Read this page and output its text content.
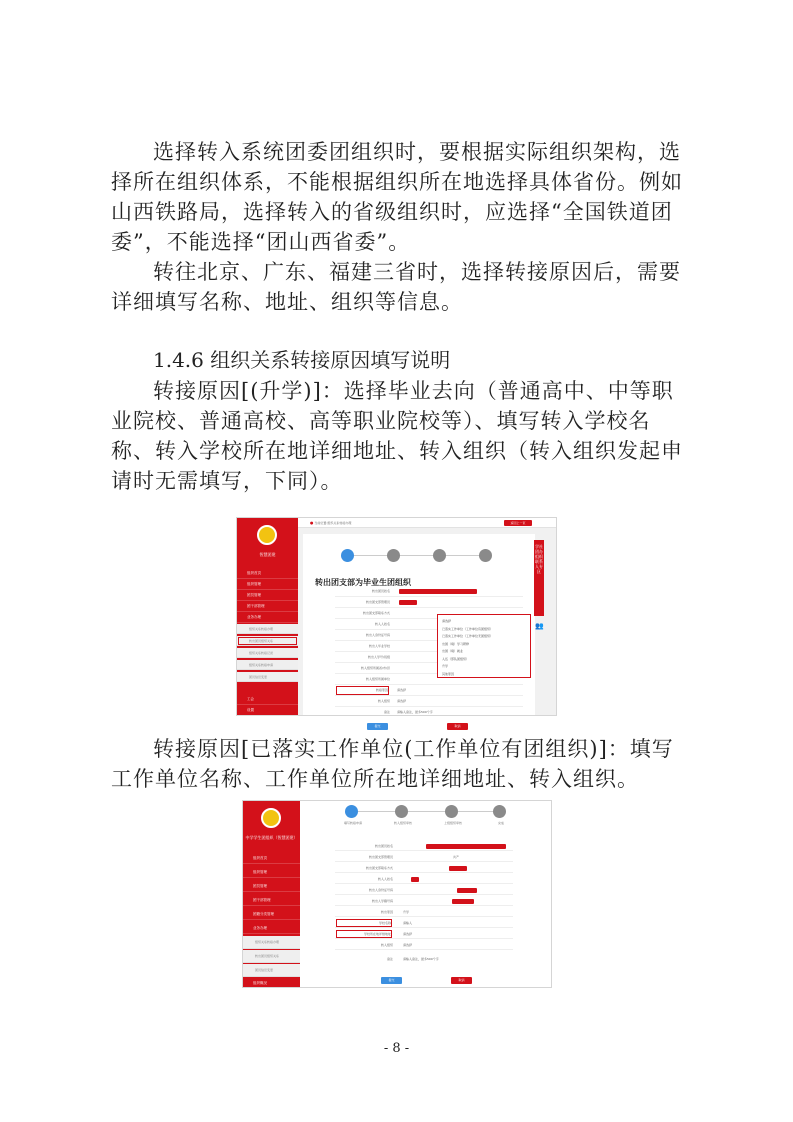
选择转入系统团委团组织时，要根据实际组织架构，选择所在组织体系，不能根据组织所在地选择具体省份。例如山西铁路局，选择转入的省级组织时，应选择“全国铁道团委”，不能选择“团山西省委”。

转往北京、广东、福建三省时，选择转接原因后，需要详细填写名称、地址、组织等信息。

1.4.6 组织关系转接原因填写说明

转接原因[(升学)]：选择毕业去向（普通高中、中等职业院校、普通高校、高等职业院校等）、填写转入学校名称、转入学校所在地详细地址、转入组织（转入组织发起申请时无需填写，下同）。

智慧团建
组织首页
组织管理
团员管理
团干部管理
业务办理
组织关系转接办理
转出团员组织关系
组织关系转接记录
组织关系转接申请
团员信息变更
工会
设置
⬤ 当前位置:组织关系转接办理	返回上一页
转出团支部为毕业生团组织
转出团员姓名
转出团支部管理员
转出团支部联系方式
转入人姓名
转出人身份证号码
转出人毕业学校
转出人学号/班级
转入组织所属省/市/县
转入组织所属单位
转接原因	请选择
转入组织 请选择
备注 请输入备注，最多500个字
请选择
已落实工作单位（工作单位有团组织）
已落实工作单位（工作单位无团组织）
出国（境）学习研修
出国（境）就业
入伍（部队团组织）
升学
其他原因
提交	取消
学社团办组织联系人专区
👥

转接原因[已落实工作单位(工作单位有团组织)]：填写工作单位名称、工作单位所在地详细地址、转入组织。

中学学生团组织（智慧团建）
组织首页
组织管理
团员管理
团干部管理
团籍分类管理
业务办理
组织关系转接办理
转出团员组织关系
团员信息变更
组织概况
填写转接申请	转入组织审核	上级组织审核	完成
转出团员姓名
转出团支部管理员	共产
转出团支部联系方式
转入人姓名
转出人身份证号码
转出人学籍号码
转出原因	升学
学校名称	请输入
学校所在地详细地址	请选择
转入组织	请选择
备注	请输入备注，最多500个字
提交	取消
- 8 -
